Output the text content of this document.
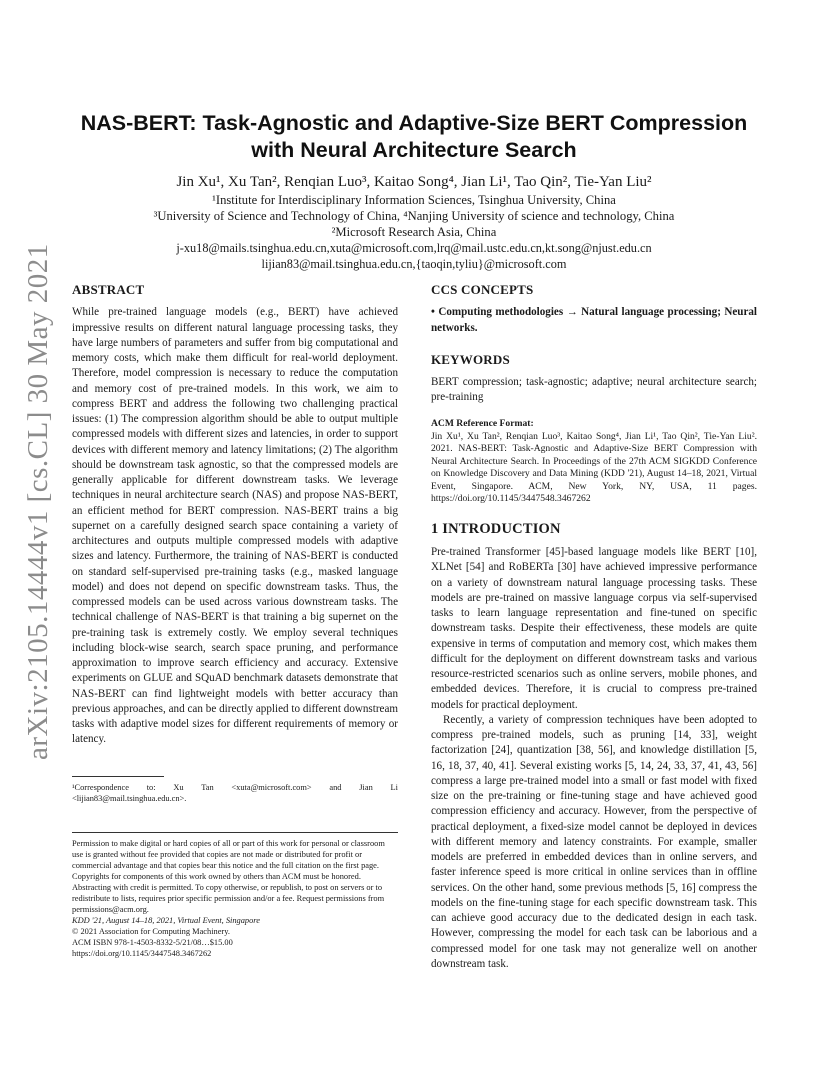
arXiv:2105.14444v1 [cs.CL] 30 May 2021
NAS-BERT: Task-Agnostic and Adaptive-Size BERT Compression
with Neural Architecture Search
Jin Xu¹, Xu Tan², Renqian Luo³, Kaitao Song⁴, Jian Li¹, Tao Qin², Tie-Yan Liu²
¹Institute for Interdisciplinary Information Sciences, Tsinghua University, China
³University of Science and Technology of China, ⁴Nanjing University of science and technology, China
²Microsoft Research Asia, China
j-xu18@mails.tsinghua.edu.cn,xuta@microsoft.com,lrq@mail.ustc.edu.cn,kt.song@njust.edu.cn
lijian83@mail.tsinghua.edu.cn,{taoqin,tyliu}@microsoft.com
ABSTRACT

While pre-trained language models (e.g., BERT) have achieved impressive results on different natural language processing tasks, they have large numbers of parameters and suffer from big computational and memory costs, which make them difficult for real-world deployment. Therefore, model compression is necessary to reduce the computation and memory cost of pre-trained models. In this work, we aim to compress BERT and address the following two challenging practical issues: (1) The compression algorithm should be able to output multiple compressed models with different sizes and latencies, in order to support devices with different memory and latency limitations; (2) The algorithm should be downstream task agnostic, so that the compressed models are generally applicable for different downstream tasks. We leverage techniques in neural architecture search (NAS) and propose NAS-BERT, an efficient method for BERT compression. NAS-BERT trains a big supernet on a carefully designed search space containing a variety of architectures and outputs multiple compressed models with adaptive sizes and latency. Furthermore, the training of NAS-BERT is conducted on standard self-supervised pre-training tasks (e.g., masked language model) and does not depend on specific downstream tasks. Thus, the compressed models can be used across various downstream tasks. The technical challenge of NAS-BERT is that training a big supernet on the pre-training task is extremely costly. We employ several techniques including block-wise search, search space pruning, and performance approximation to improve search efficiency and accuracy. Extensive experiments on GLUE and SQuAD benchmark datasets demonstrate that NAS-BERT can find lightweight models with better accuracy than previous approaches, and can be directly applied to different downstream tasks with adaptive model sizes for different requirements of memory or latency.

¹Correspondence to: Xu Tan <xuta@microsoft.com> and Jian Li <lijian83@mail.tsinghua.edu.cn>.

Permission to make digital or hard copies of all or part of this work for personal or classroom use is granted without fee provided that copies are not made or distributed for profit or commercial advantage and that copies bear this notice and the full citation on the first page. Copyrights for components of this work owned by others than ACM must be honored. Abstracting with credit is permitted. To copy otherwise, or republish, to post on servers or to redistribute to lists, requires prior specific permission and/or a fee. Request permissions from permissions@acm.org.

KDD '21, August 14–18, 2021, Virtual Event, Singapore

© 2021 Association for Computing Machinery.

ACM ISBN 978-1-4503-8332-5/21/08…$15.00

https://doi.org/10.1145/3447548.3467262

CCS CONCEPTS

• Computing methodologies → Natural language processing; Neural networks.

KEYWORDS

BERT compression; task-agnostic; adaptive; neural architecture search; pre-training

ACM Reference Format:

Jin Xu¹, Xu Tan², Renqian Luo³, Kaitao Song⁴, Jian Li¹, Tao Qin², Tie-Yan Liu². 2021. NAS-BERT: Task-Agnostic and Adaptive-Size BERT Compression with Neural Architecture Search. In Proceedings of the 27th ACM SIGKDD Conference on Knowledge Discovery and Data Mining (KDD '21), August 14–18, 2021, Virtual Event, Singapore. ACM, New York, NY, USA, 11 pages. https://doi.org/10.1145/3447548.3467262

1 INTRODUCTION

Pre-trained Transformer [45]-based language models like BERT [10], XLNet [54] and RoBERTa [30] have achieved impressive performance on a variety of downstream natural language processing tasks. These models are pre-trained on massive language corpus via self-supervised tasks to learn language representation and fine-tuned on specific downstream tasks. Despite their effectiveness, these models are quite expensive in terms of computation and memory cost, which makes them difficult for the deployment on different downstream tasks and various resource-restricted scenarios such as online servers, mobile phones, and embedded devices. Therefore, it is crucial to compress pre-trained models for practical deployment.

Recently, a variety of compression techniques have been adopted to compress pre-trained models, such as pruning [14, 33], weight factorization [24], quantization [38, 56], and knowledge distillation [5, 16, 18, 37, 40, 41]. Several existing works [5, 14, 24, 33, 37, 41, 43, 56] compress a large pre-trained model into a small or fast model with fixed size on the pre-training or fine-tuning stage and have achieved good compression efficiency and accuracy. However, from the perspective of practical deployment, a fixed-size model cannot be deployed in devices with different memory and latency constraints. For example, smaller models are preferred in embedded devices than in online servers, and faster inference speed is more critical in online services than in offline services. On the other hand, some previous methods [5, 16] compress the models on the fine-tuning stage for each specific downstream task. This can achieve good accuracy due to the dedicated design in each task. However, compressing the model for each task can be laborious and a compressed model for one task may not generalize well on another downstream task.
